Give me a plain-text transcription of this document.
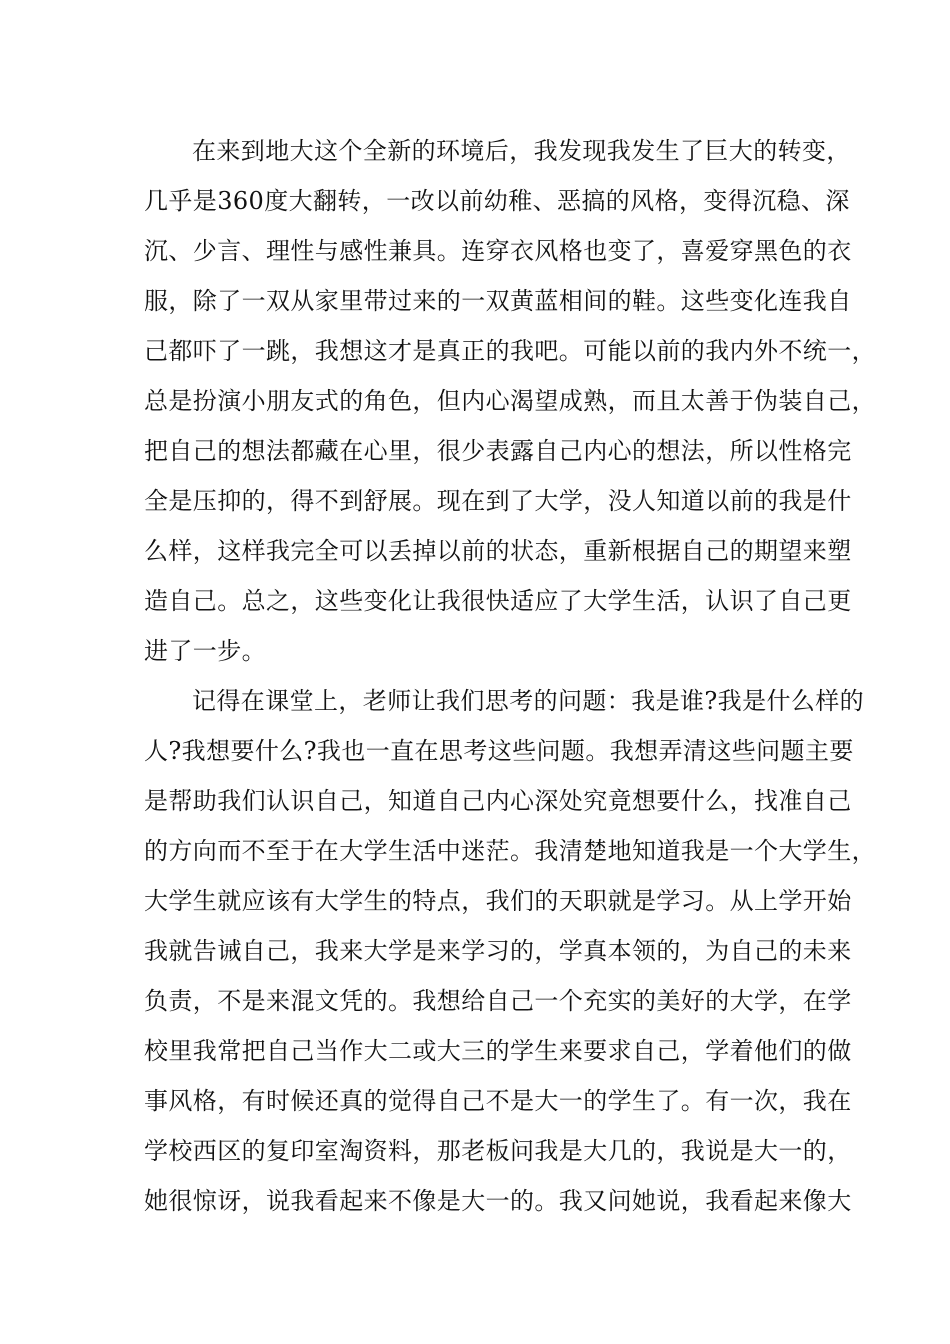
在来到地大这个全新的环境后，我发现我发生了巨大的转变，
几乎是360度大翻转，一改以前幼稚、恶搞的风格，变得沉稳、深
沉、少言、理性与感性兼具。连穿衣风格也变了，喜爱穿黑色的衣
服，除了一双从家里带过来的一双黄蓝相间的鞋。这些变化连我自
己都吓了一跳，我想这才是真正的我吧。可能以前的我内外不统一，
总是扮演小朋友式的角色，但内心渴望成熟，而且太善于伪装自己，
把自己的想法都藏在心里，很少表露自己内心的想法，所以性格完
全是压抑的，得不到舒展。现在到了大学，没人知道以前的我是什
么样，这样我完全可以丢掉以前的状态，重新根据自己的期望来塑
造自己。总之，这些变化让我很快适应了大学生活，认识了自己更
进了一步。
记得在课堂上，老师让我们思考的问题：我是谁?我是什么样的
人?我想要什么?我也一直在思考这些问题。我想弄清这些问题主要
是帮助我们认识自己，知道自己内心深处究竟想要什么，找准自己
的方向而不至于在大学生活中迷茫。我清楚地知道我是一个大学生，
大学生就应该有大学生的特点，我们的天职就是学习。从上学开始
我就告诫自己，我来大学是来学习的，学真本领的，为自己的未来
负责，不是来混文凭的。我想给自己一个充实的美好的大学，在学
校里我常把自己当作大二或大三的学生来要求自己，学着他们的做
事风格，有时候还真的觉得自己不是大一的学生了。有一次，我在
学校西区的复印室淘资料，那老板问我是大几的，我说是大一的，
她很惊讶，说我看起来不像是大一的。我又问她说，我看起来像大
